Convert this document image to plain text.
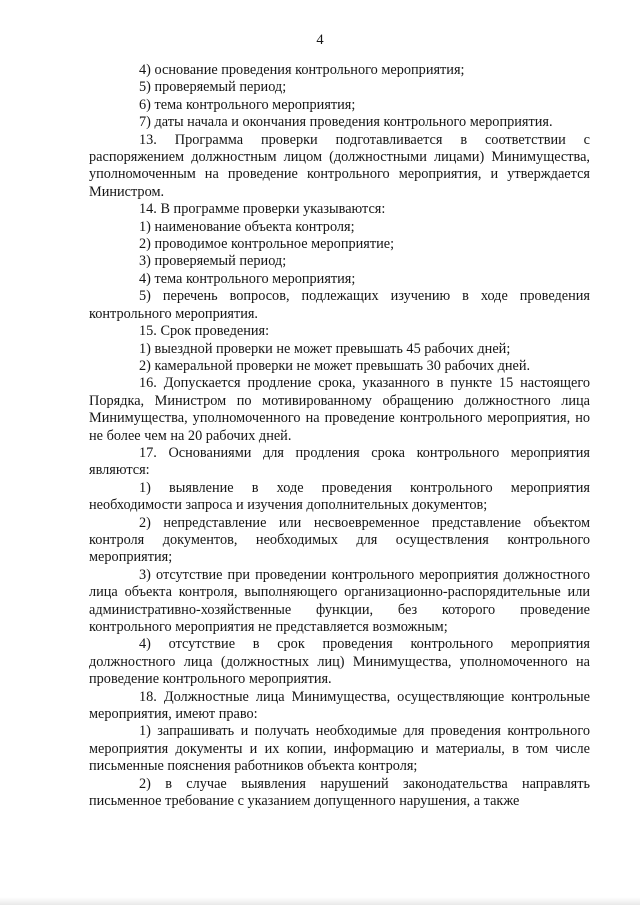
4

4) основание проведения контрольного мероприятия;

5) проверяемый период;

6) тема контрольного мероприятия;

7) даты начала и окончания проведения контрольного мероприятия.

13. Программа проверки подготавливается в соответствии с распоряжением должностным лицом (должностными лицами) Минимущества, уполномоченным на проведение контрольного мероприятия, и утверждается Министром.

14. В программе проверки указываются:

1) наименование объекта контроля;

2) проводимое контрольное мероприятие;

3) проверяемый период;

4) тема контрольного мероприятия;

5) перечень вопросов, подлежащих изучению в ходе проведения контрольного мероприятия.

15. Срок проведения:

1) выездной проверки не может превышать 45 рабочих дней;

2) камеральной проверки не может превышать 30 рабочих дней.

16. Допускается продление срока, указанного в пункте 15 настоящего Порядка, Министром по мотивированному обращению должностного лица Минимущества, уполномоченного на проведение контрольного мероприятия, но не более чем на 20 рабочих дней.

17. Основаниями для продления срока контрольного мероприятия являются:

1) выявление в ходе проведения контрольного мероприятия необходимости запроса и изучения дополнительных документов;

2) непредставление или несвоевременное представление объектом контроля документов, необходимых для осуществления контрольного мероприятия;

3) отсутствие при проведении контрольного мероприятия должностного лица объекта контроля, выполняющего организационно-распорядительные или административно-хозяйственные функции, без которого проведение контрольного мероприятия не представляется возможным;

4) отсутствие в срок проведения контрольного мероприятия должностного лица (должностных лиц) Минимущества, уполномоченного на проведение контрольного мероприятия.

18. Должностные лица Минимущества, осуществляющие контрольные мероприятия, имеют право:

1) запрашивать и получать необходимые для проведения контрольного мероприятия документы и их копии, информацию и материалы, в том числе письменные пояснения работников объекта контроля;

2) в случае выявления нарушений законодательства направлять письменное требование с указанием допущенного нарушения, а также
